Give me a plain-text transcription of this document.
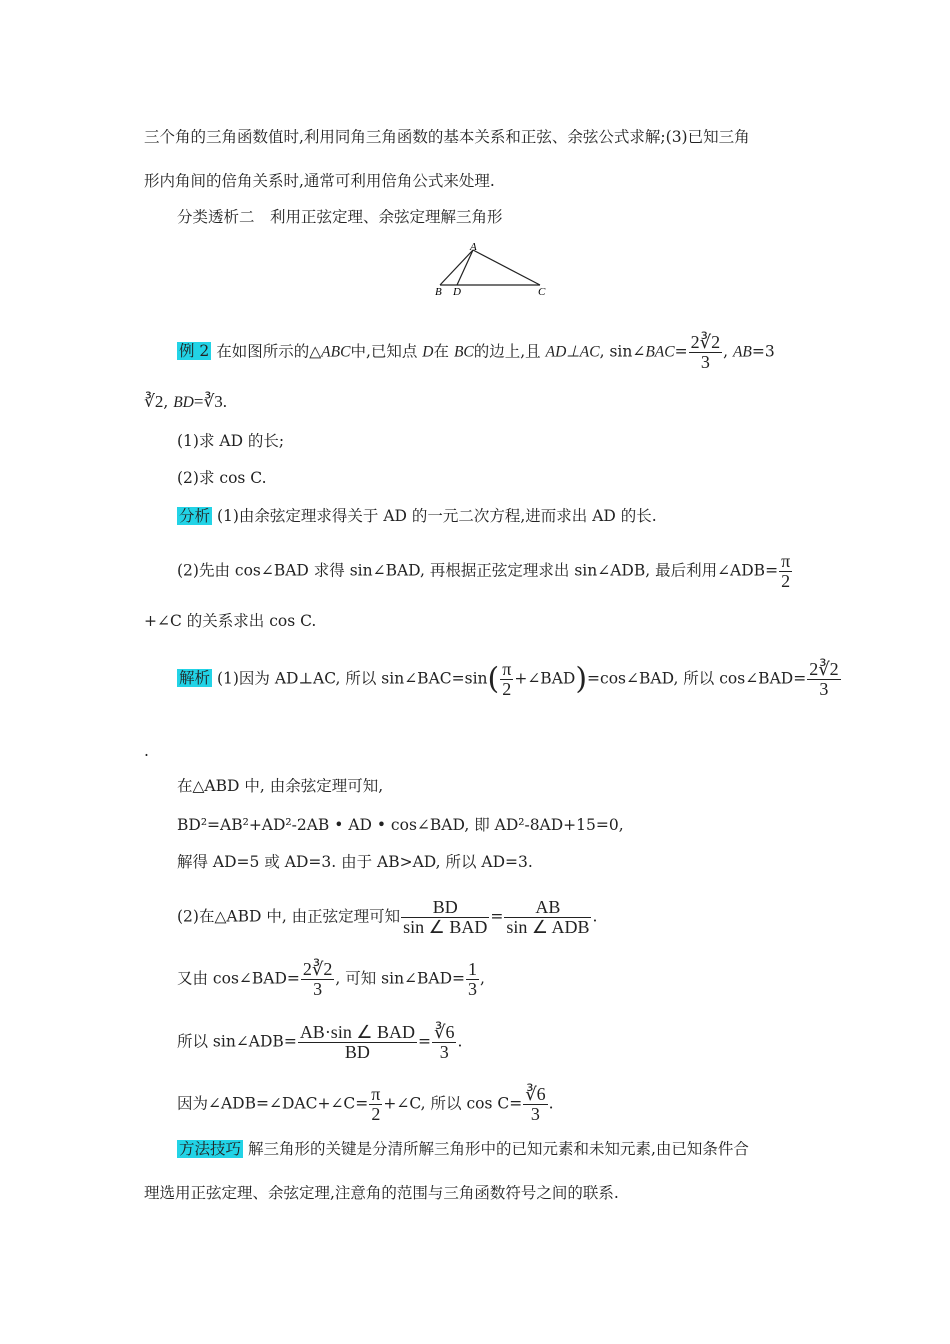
三个角的三角函数值时,利用同角三角函数的基本关系和正弦、余弦公式求解;(3)已知三角
形内角间的倍角关系时,通常可利用倍角公式来处理.
分类透析二　利用正弦定理、余弦定理解三角形
A
B D	C
例 2 在如图所示的△ABC中,已知点 D在 BC的边上,且 AD⊥AC, sin∠BAC= $\frac{2∛2}{3}$ , AB=3
∛2, BD=∛3.
(1)求 AD 的长;
(2)求 cos C.
分析 (1)由余弦定理求得关于 AD 的一元二次方程,进而求出 AD 的长.
(2)先由 cos∠BAD 求得 sin∠BAD, 再根据正弦定理求出 sin∠ADB, 最后利用∠ADB= $\frac{\pi}{2}$
+∠C 的关系求出 cos C.
解析 (1)因为 AD⊥AC, 所以 sin∠BAC=sin( $\frac{\pi}{2}$ +∠BAD)=cos∠BAD, 所以 cos∠BAD= $\frac{2∛2}{3}$
.
在△ABD 中, 由余弦定理可知,
BD²=AB²+AD²-2AB • AD • cos∠BAD, 即 AD²-8AD+15=0,
解得 AD=5 或 AD=3. 由于 AB>AD, 所以 AD=3.
(2)在△ABD 中, 由正弦定理可知 $\frac{BD}{\text{sin ∠ BAD}} = \frac{AB}{\text{sin ∠ ADB}}$ .
又由 cos∠BAD= $\frac{2∛2}{3}$ , 可知 sin∠BAD= $\frac{1}{3}$ ,
所以 sin∠ADB= $\frac{\text{AB·sin ∠ BAD}}{BD} = \frac{∛6}{3}$ .
因为∠ADB=∠DAC+∠C= $\frac{\pi}{2}$ +∠C, 所以 $\cos C= \frac{∛6}{3}$ .
方法技巧 解三角形的关键是分清所解三角形中的已知元素和未知元素,由已知条件合
理选用正弦定理、余弦定理,注意角的范围与三角函数符号之间的联系.
